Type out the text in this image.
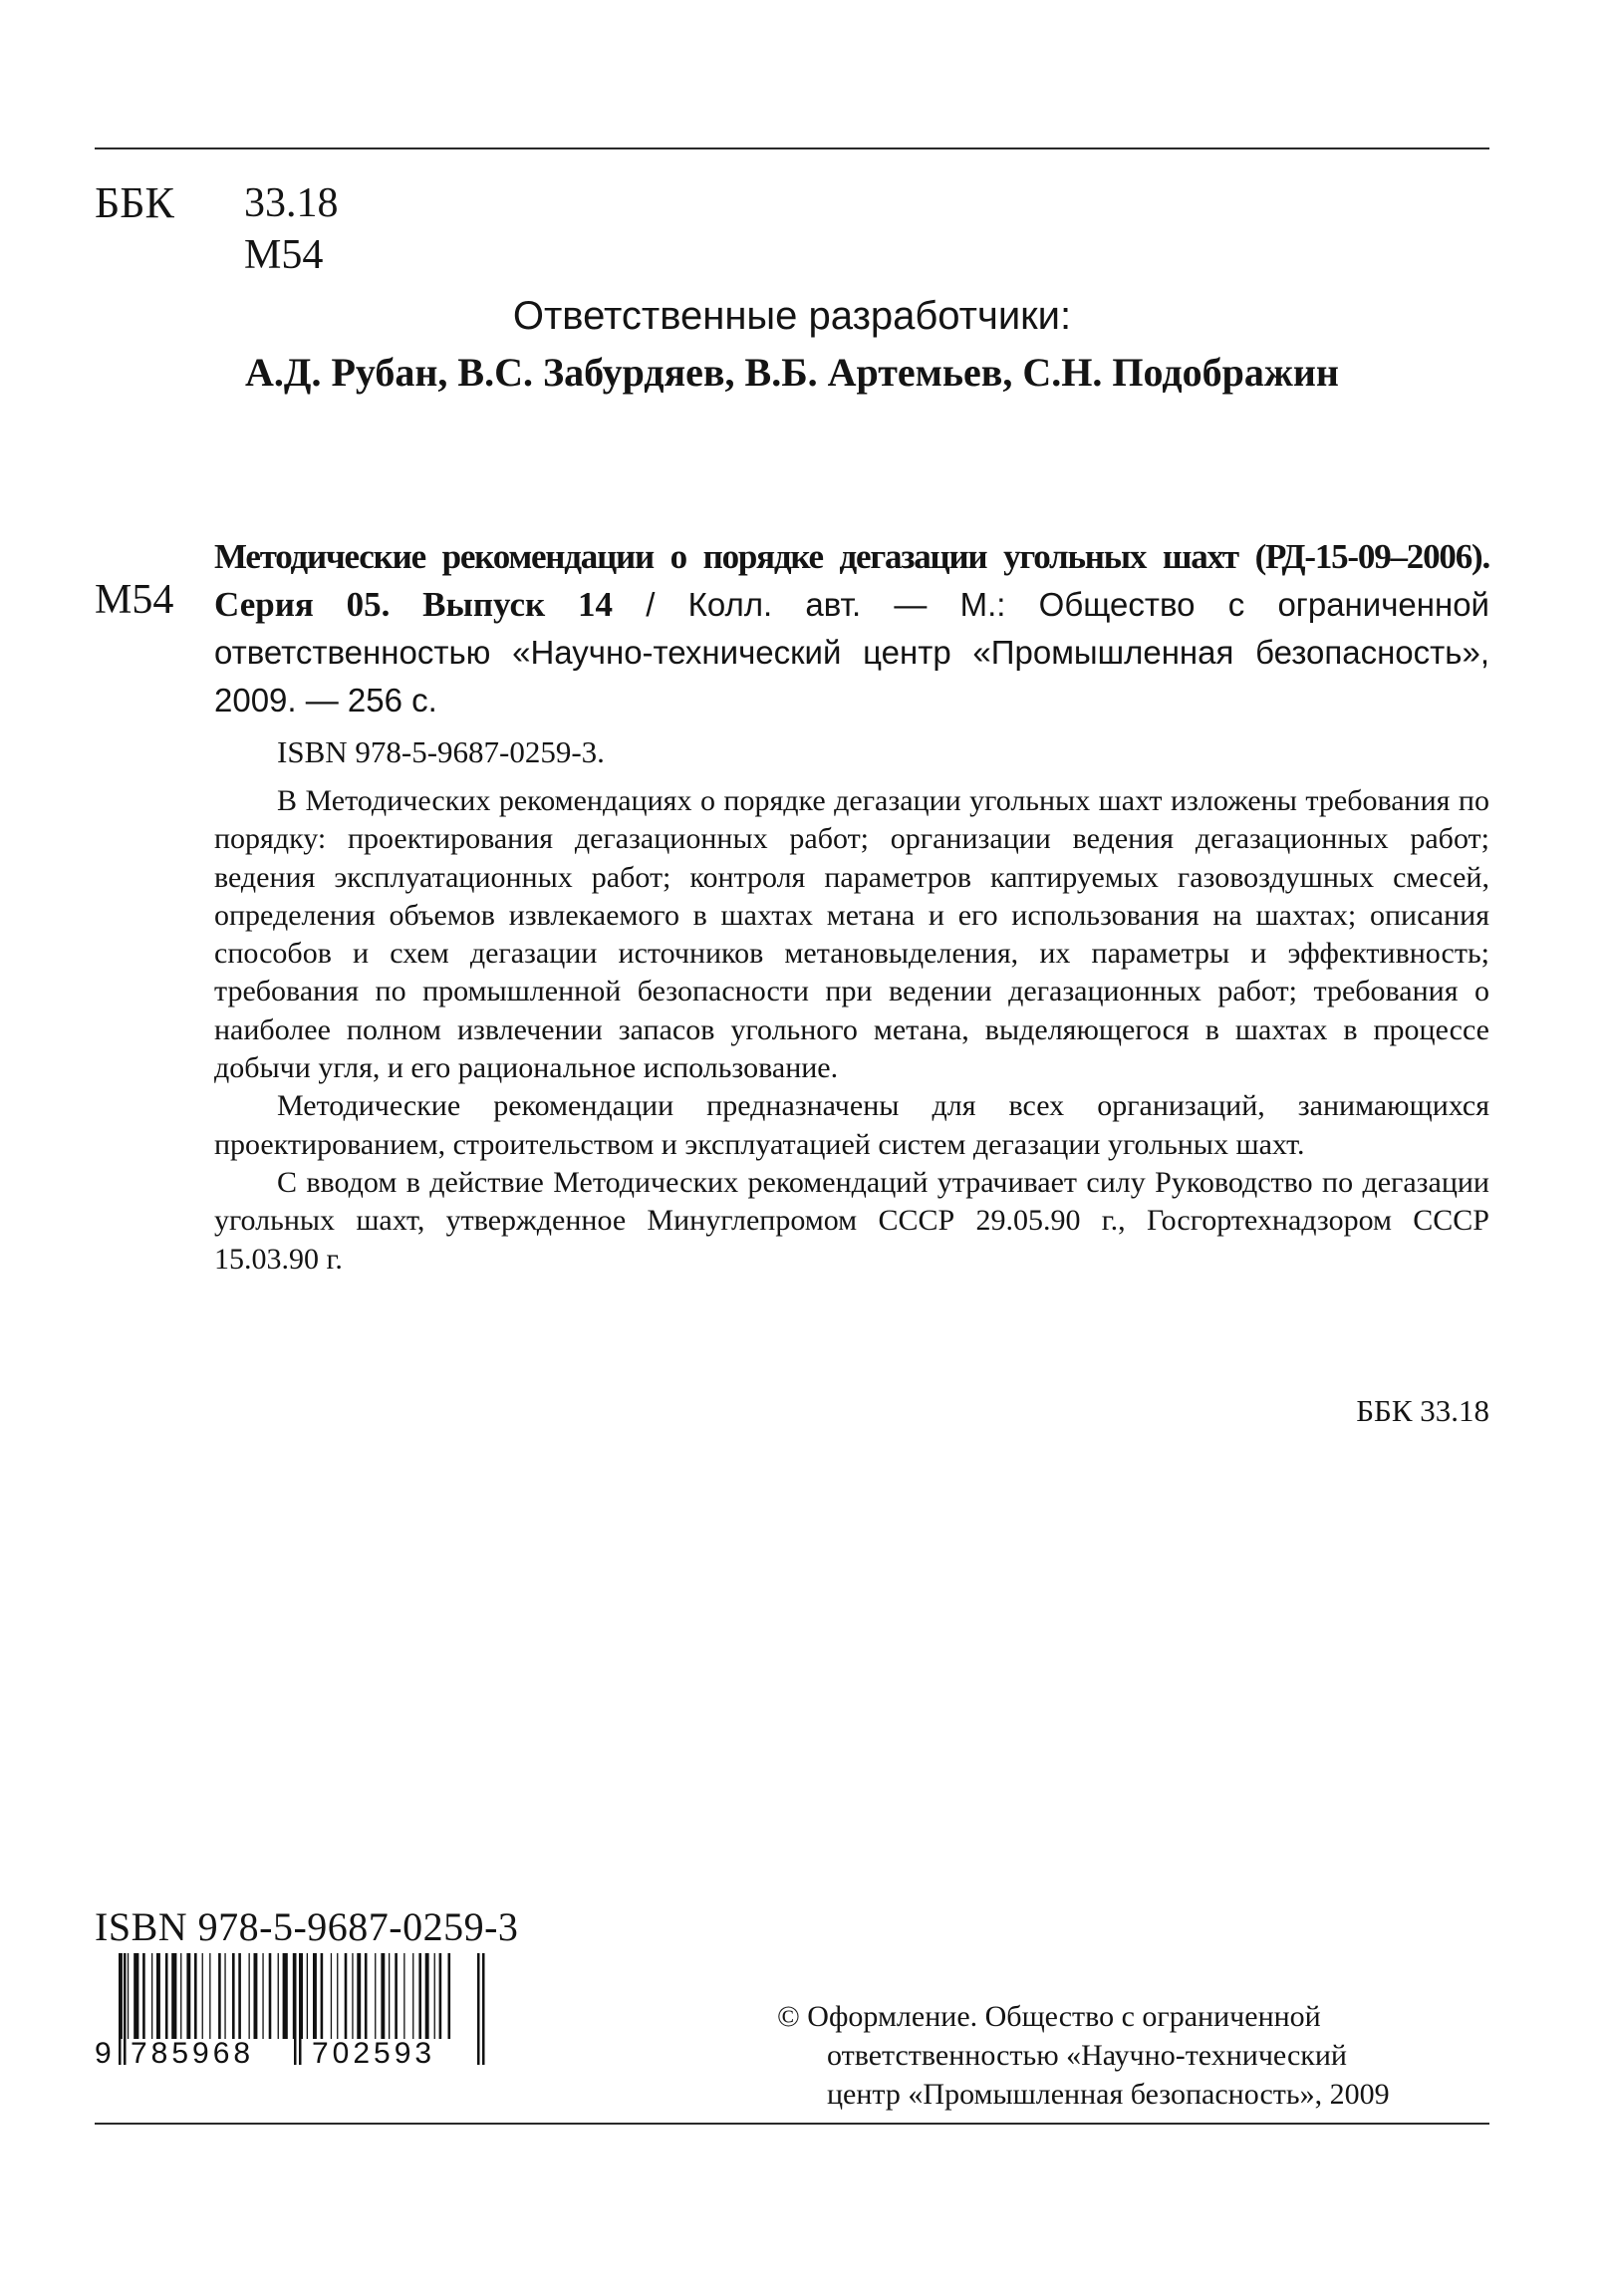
ББК 33.18
М54
Ответственные разработчики:
А.Д. Рубан, В.С. Забурдяев, В.Б. Артемьев, С.Н. Подображин
М54
Методические рекомендации о порядке дегазации угольных шахт (РД-15-09–2006). Серия 05. Выпуск 14 / Колл. авт. — М.: Общество с ограниченной ответственностью «Научно-технический центр «Промышленная безопасность», 2009. — 256 с.
ISBN 978-5-9687-0259-3.

В Методических рекомендациях о порядке дегазации угольных шахт изложены требования по порядку: проектирования дегазационных работ; организации ведения дегазационных работ; ведения эксплуатационных работ; контроля параметров каптируемых газовоздушных смесей, определения объемов извлекаемого в шахтах метана и его использования на шахтах; описания способов и схем дегазации источников метановыделения, их параметры и эффективность; требования по промышленной безопасности при ведении дегазационных работ; требования о наиболее полном извлечении запасов угольного метана, выделяющегося в шахтах в процессе добычи угля, и его рациональное использование.

Методические рекомендации предназначены для всех организаций, занимающихся проектированием, строительством и эксплуатацией систем дегазации угольных шахт.

С вводом в действие Методических рекомендаций утрачивает силу Руководство по дегазации угольных шахт, утвержденное Минуглепромом СССР 29.05.90 г., Госгортехнадзором СССР 15.03.90 г.

ББК 33.18
ISBN 978-5-9687-0259-3
9 785968 702593
© Оформление. Общество с ограниченной
ответственностью «Научно-технический
центр «Промышленная безопасность», 2009
